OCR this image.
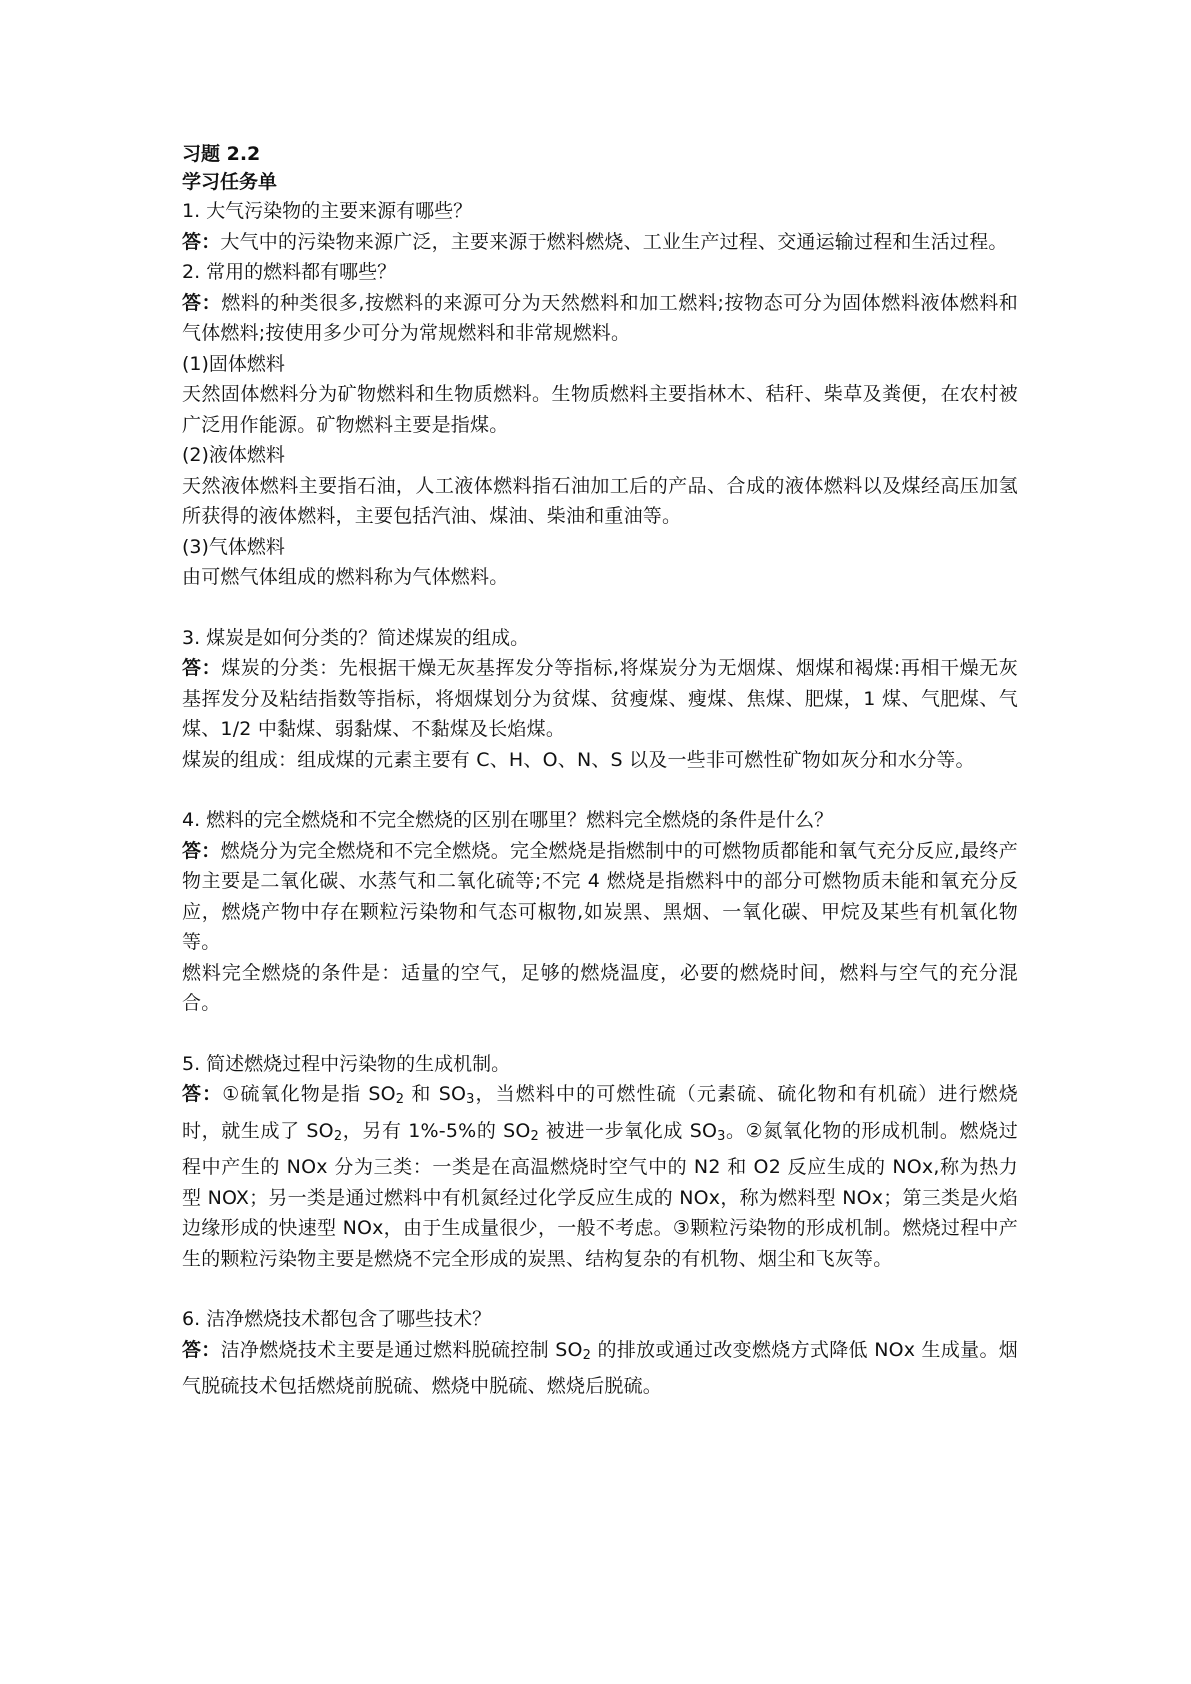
习题 2.2

学习任务单

1. 大气污染物的主要来源有哪些？

答：大气中的污染物来源广泛，主要来源于燃料燃烧、工业生产过程、交通运输过程和生活过程。

2. 常用的燃料都有哪些？

答：燃料的种类很多,按燃料的来源可分为天然燃料和加工燃料;按物态可分为固体燃料液体燃料和气体燃料;按使用多少可分为常规燃料和非常规燃料。

(1)固体燃料

天然固体燃料分为矿物燃料和生物质燃料。生物质燃料主要指林木、秸秆、柴草及粪便，在农村被广泛用作能源。矿物燃料主要是指煤。

(2)液体燃料

天然液体燃料主要指石油，人工液体燃料指石油加工后的产品、合成的液体燃料以及煤经高压加氢所获得的液体燃料，主要包括汽油、煤油、柴油和重油等。

(3)气体燃料

由可燃气体组成的燃料称为气体燃料。

3. 煤炭是如何分类的？简述煤炭的组成。

答：煤炭的分类：先根据干燥无灰基挥发分等指标,将煤炭分为无烟煤、烟煤和褐煤:再相干燥无灰基挥发分及粘结指数等指标，将烟煤划分为贫煤、贫瘦煤、瘦煤、焦煤、肥煤，1 煤、气肥煤、气煤、1/2 中黏煤、弱黏煤、不黏煤及长焰煤。

煤炭的组成：组成煤的元素主要有 C、H、O、N、S 以及一些非可燃性矿物如灰分和水分等。

4. 燃料的完全燃烧和不完全燃烧的区别在哪里？燃料完全燃烧的条件是什么？

答：燃烧分为完全燃烧和不完全燃烧。完全燃烧是指燃制中的可燃物质都能和氧气充分反应,最终产物主要是二氧化碳、水蒸气和二氧化硫等;不完 4 燃烧是指燃料中的部分可燃物质未能和氧充分反应，燃烧产物中存在颗粒污染物和气态可椒物,如炭黑、黑烟、一氧化碳、甲烷及某些有机氧化物等。

燃料完全燃烧的条件是：适量的空气，足够的燃烧温度，必要的燃烧时间，燃料与空气的充分混合。

5. 简述燃烧过程中污染物的生成机制。

答：①硫氧化物是指 $SO_2$ 和 $SO_3$，当燃料中的可燃性硫（元素硫、硫化物和有机硫）进行燃烧时，就生成了 $SO_2$，另有 1%-5%的 $SO_2$ 被进一步氧化成 $SO_3$。②氮氧化物的形成机制。燃烧过程中产生的 NOx 分为三类：一类是在高温燃烧时空气中的 N2 和 O2 反应生成的 NOx,称为热力型 NOX；另一类是通过燃料中有机氮经过化学反应生成的 NOx，称为燃料型 NOx；第三类是火焰边缘形成的快速型 NOx，由于生成量很少，一般不考虑。③颗粒污染物的形成机制。燃烧过程中产生的颗粒污染物主要是燃烧不完全形成的炭黑、结构复杂的有机物、烟尘和飞灰等。

6. 洁净燃烧技术都包含了哪些技术？

答：洁净燃烧技术主要是通过燃料脱硫控制 $SO_2$ 的排放或通过改变燃烧方式降低 NOx 生成量。烟气脱硫技术包括燃烧前脱硫、燃烧中脱硫、燃烧后脱硫。
